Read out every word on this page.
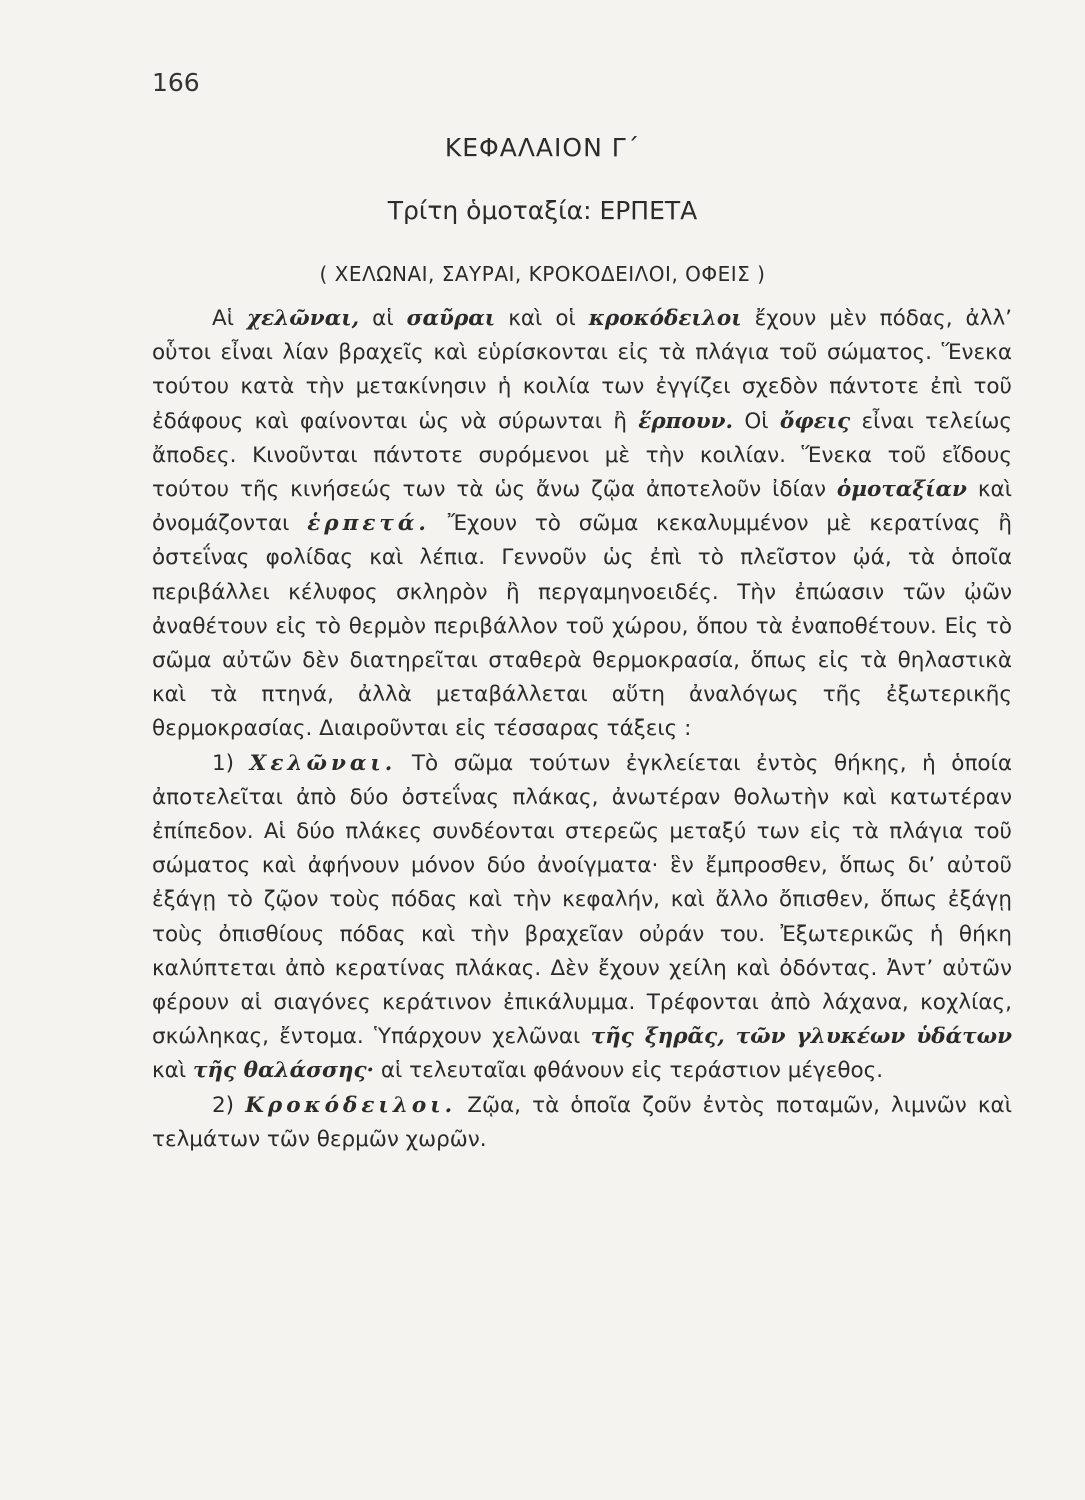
166
ΚΕΦΑΛΑΙΟΝ Γ΄
Τρίτη ὁμοταξία: ΕΡΠΕΤΑ
( ΧΕΛΩΝΑΙ, ΣΑΥΡΑΙ, ΚΡΟΚΟΔΕΙΛΟΙ, ΟΦΕΙΣ )

Αἱ χελῶναι, αἱ σαῦραι καὶ οἱ κροκόδειλοι ἔχουν μὲν πόδας, ἀλλ’ οὗτοι εἶναι λίαν βραχεῖς καὶ εὑρίσκονται εἰς τὰ πλάγια τοῦ σώματος. Ἕνεκα τούτου κατὰ τὴν μετακίνησιν ἡ κοιλία των ἐγγίζει σχεδὸν πάντοτε ἐπὶ τοῦ ἐδάφους καὶ φαίνονται ὡς νὰ σύρωνται ἢ ἕρπουν. Οἱ ὄφεις εἶναι τελείως ἄποδες. Κινοῦνται πάντοτε συρόμενοι μὲ τὴν κοιλίαν. Ἕνεκα τοῦ εἴδους τούτου τῆς κινήσεώς των τὰ ὡς ἄνω ζῷα ἀποτελοῦν ἰδίαν ὁμοταξίαν καὶ ὀνομάζονται ἑρπετά. Ἔχουν τὸ σῶμα κεκαλυμμένον μὲ κερατίνας ἢ ὀστεΐνας φολίδας καὶ λέπια. Γεννοῦν ὡς ἐπὶ τὸ πλεῖστον ᾠά, τὰ ὁποῖα περιβάλλει κέλυφος σκληρὸν ἢ περγαμηνοειδές. Τὴν ἐπώασιν τῶν ᾠῶν ἀναθέτουν εἰς τὸ θερμὸν περιβάλλον τοῦ χώρου, ὅπου τὰ ἐναποθέτουν. Εἰς τὸ σῶμα αὐτῶν δὲν διατηρεῖται σταθερὰ θερμοκρασία, ὅπως εἰς τὰ θηλαστικὰ καὶ τὰ πτηνά, ἀλλὰ μεταβάλλεται αὕτη ἀναλόγως τῆς ἐξωτερικῆς θερμοκρασίας. Διαιροῦνται εἰς τέσσαρας τάξεις :

1) Χελῶναι. Τὸ σῶμα τούτων ἐγκλείεται ἐντὸς θήκης, ἡ ὁποία ἀποτελεῖται ἀπὸ δύο ὀστεΐνας πλάκας, ἀνωτέραν θολωτὴν καὶ κατωτέραν ἐπίπεδον. Αἱ δύο πλάκες συνδέονται στερεῶς μεταξύ των εἰς τὰ πλάγια τοῦ σώματος καὶ ἀφήνουν μόνον δύο ἀνοίγματα· ἓν ἔμπροσθεν, ὅπως δι’ αὐτοῦ ἐξάγῃ τὸ ζῷον τοὺς πόδας καὶ τὴν κεφαλήν, καὶ ἄλλο ὄπισθεν, ὅπως ἐξάγῃ τοὺς ὀπισθίους πόδας καὶ τὴν βραχεῖαν οὐράν του. Ἐξωτερικῶς ἡ θήκη καλύπτεται ἀπὸ κερατίνας πλάκας. Δὲν ἔχουν χείλη καὶ ὀδόντας. Ἀντ’ αὐτῶν φέρουν αἱ σιαγόνες κεράτινον ἐπικάλυμμα. Τρέφονται ἀπὸ λάχανα, κοχλίας, σκώληκας, ἔντομα. Ὑπάρχουν χελῶναι τῆς ξηρᾶς, τῶν γλυκέων ὑδάτων καὶ τῆς θαλάσσης· αἱ τελευταῖαι φθάνουν εἰς τεράστιον μέγεθος.

2) Κροκόδειλοι. Ζῷα, τὰ ὁποῖα ζοῦν ἐντὸς ποταμῶν, λιμνῶν καὶ τελμάτων τῶν θερμῶν χωρῶν.
